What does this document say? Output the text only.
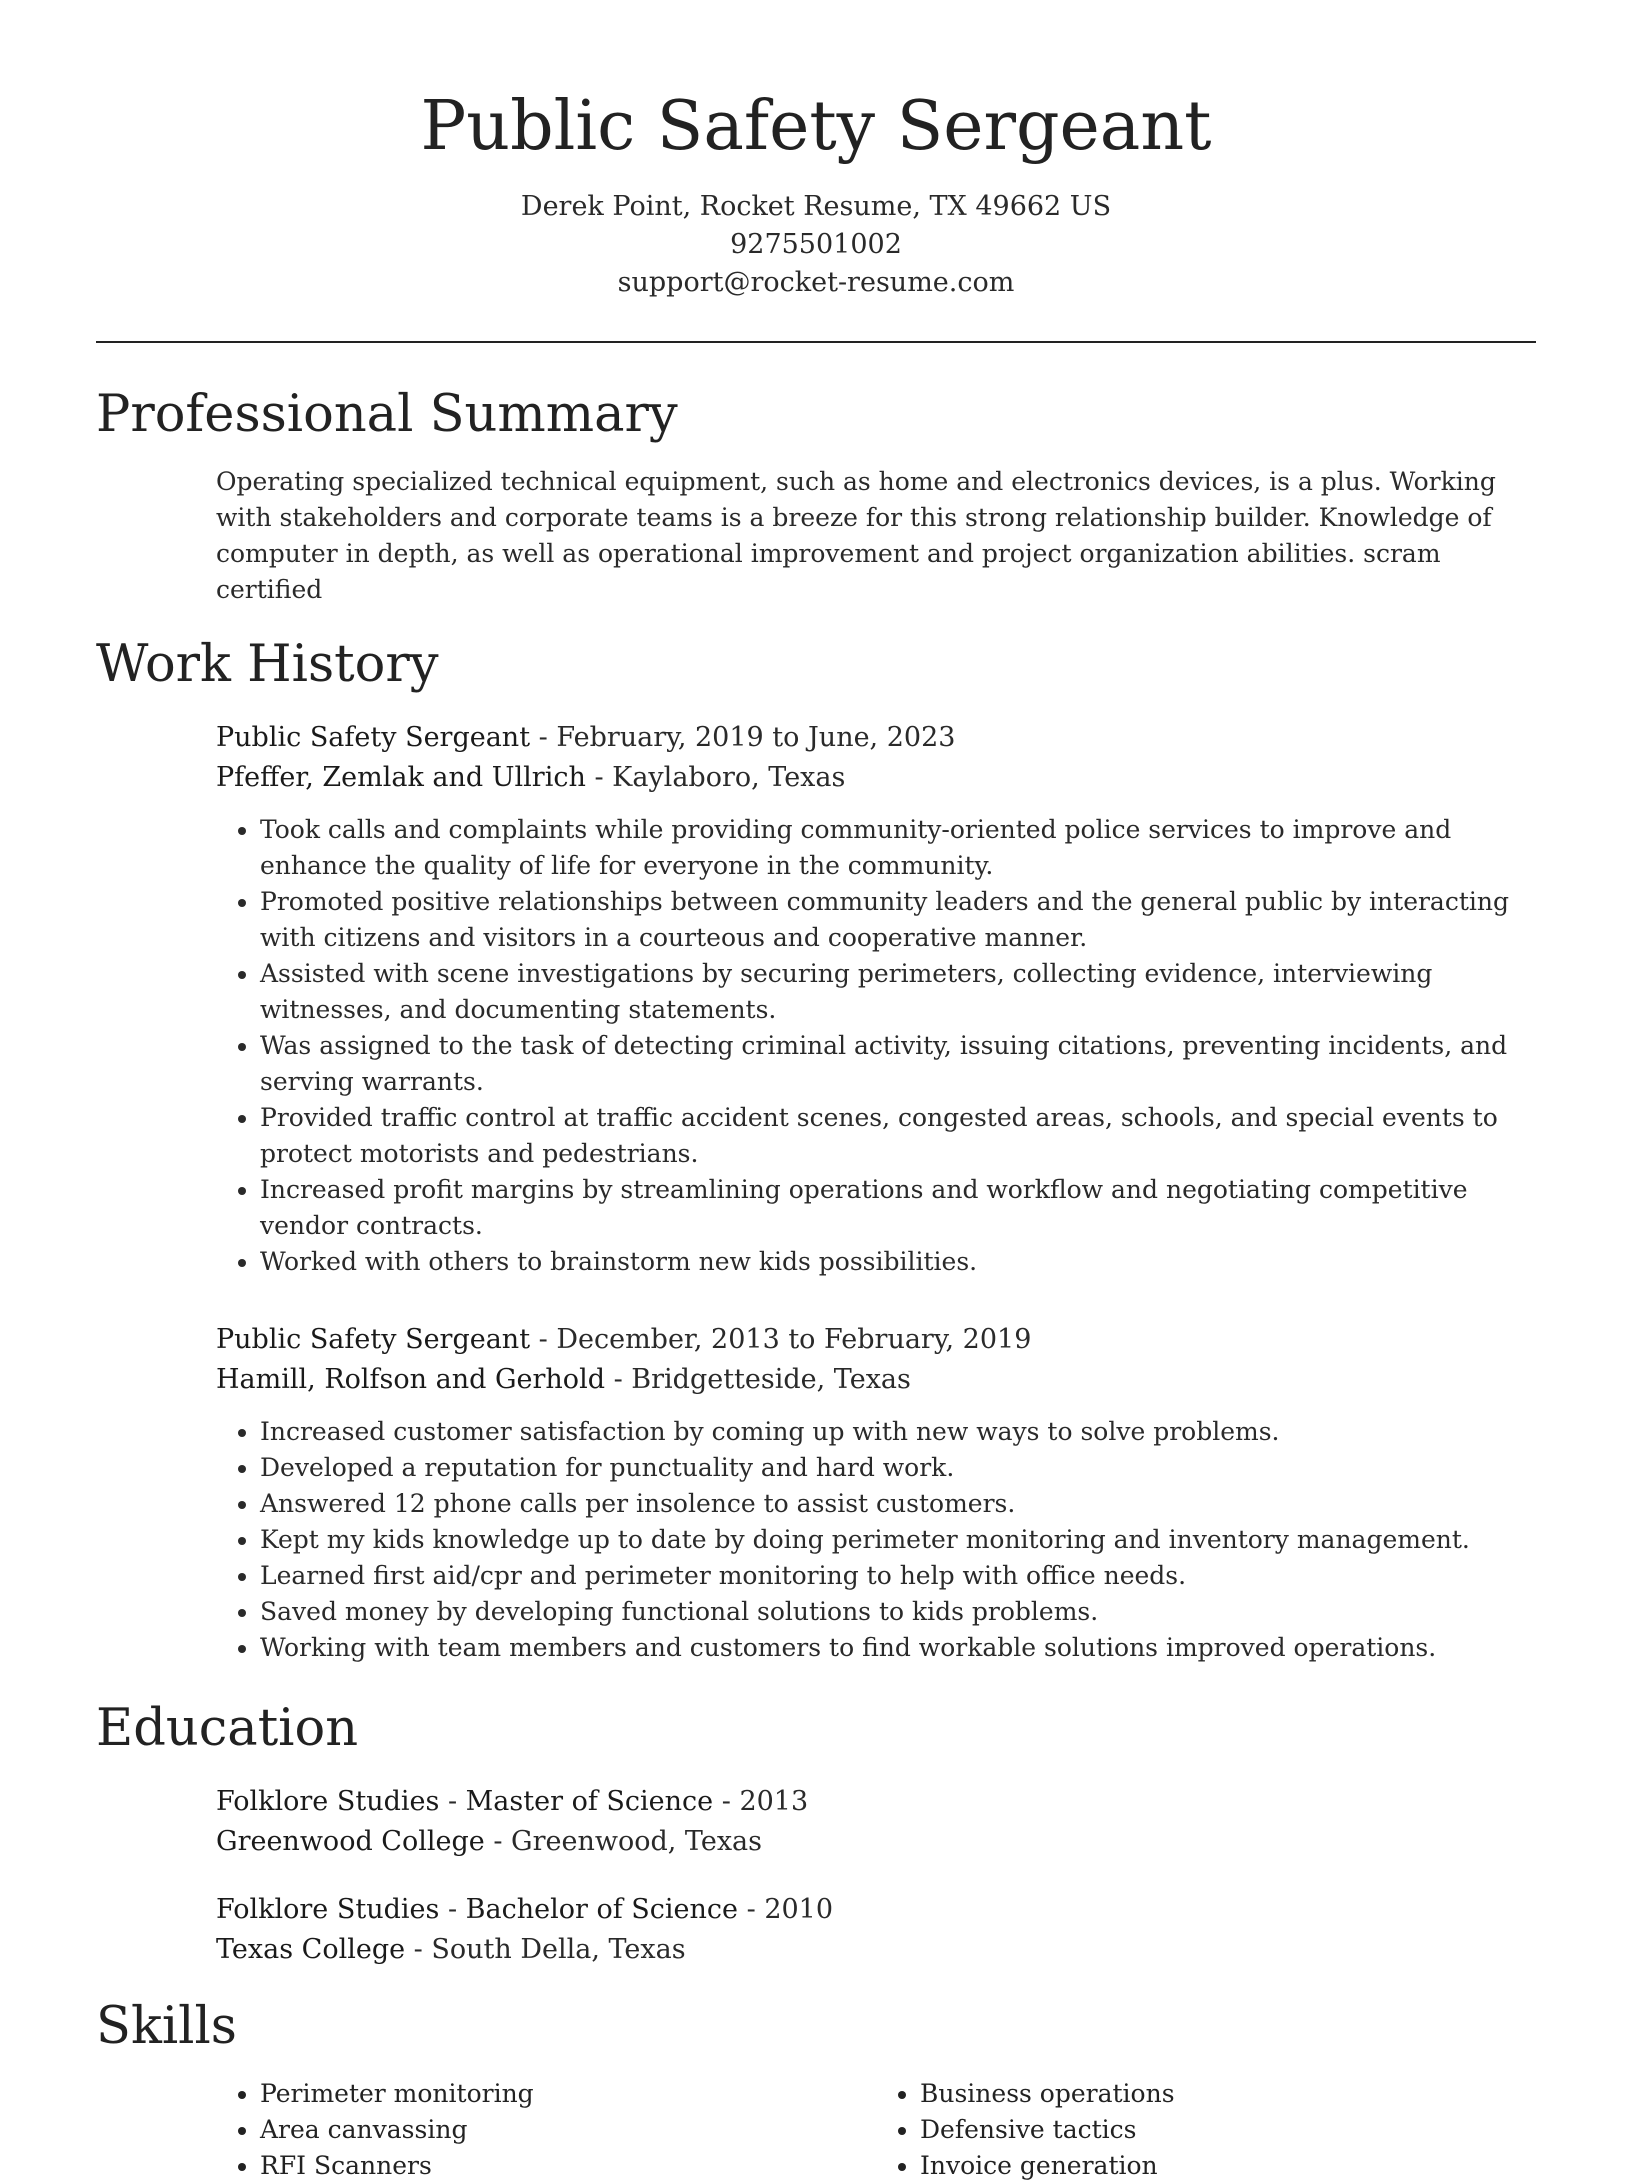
Public Safety Sergeant
Derek Point, Rocket Resume, TX 49662 US
9275501002
support@rocket-resume.com
Professional Summary
Operating specialized technical equipment, such as home and electronics devices, is a plus. Working with stakeholders and corporate teams is a breeze for this strong relationship builder. Knowledge of computer in depth, as well as operational improvement and project organization abilities. scram certified
Work History
Public Safety Sergeant - February, 2019 to June, 2023
Pfeffer, Zemlak and Ullrich - Kaylaboro, Texas
• Took calls and complaints while providing community-oriented police services to improve and enhance the quality of life for everyone in the community.
• Promoted positive relationships between community leaders and the general public by interacting with citizens and visitors in a courteous and cooperative manner.
• Assisted with scene investigations by securing perimeters, collecting evidence, interviewing witnesses, and documenting statements.
• Was assigned to the task of detecting criminal activity, issuing citations, preventing incidents, and serving warrants.
• Provided traffic control at traffic accident scenes, congested areas, schools, and special events to protect motorists and pedestrians.
• Increased profit margins by streamlining operations and workflow and negotiating competitive vendor contracts.
• Worked with others to brainstorm new kids possibilities.
Public Safety Sergeant - December, 2013 to February, 2019
Hamill, Rolfson and Gerhold - Bridgetteside, Texas
• Increased customer satisfaction by coming up with new ways to solve problems.
• Developed a reputation for punctuality and hard work.
• Answered 12 phone calls per insolence to assist customers.
• Kept my kids knowledge up to date by doing perimeter monitoring and inventory management.
• Learned first aid/cpr and perimeter monitoring to help with office needs.
• Saved money by developing functional solutions to kids problems.
• Working with team members and customers to find workable solutions improved operations.
Education
Folklore Studies - Master of Science - 2013
Greenwood College - Greenwood, Texas
Folklore Studies - Bachelor of Science - 2010
Texas College - South Della, Texas
Skills
• Perimeter monitoring
• Area canvassing
• RFI Scanners
• Business operations
• Defensive tactics
• Invoice generation
